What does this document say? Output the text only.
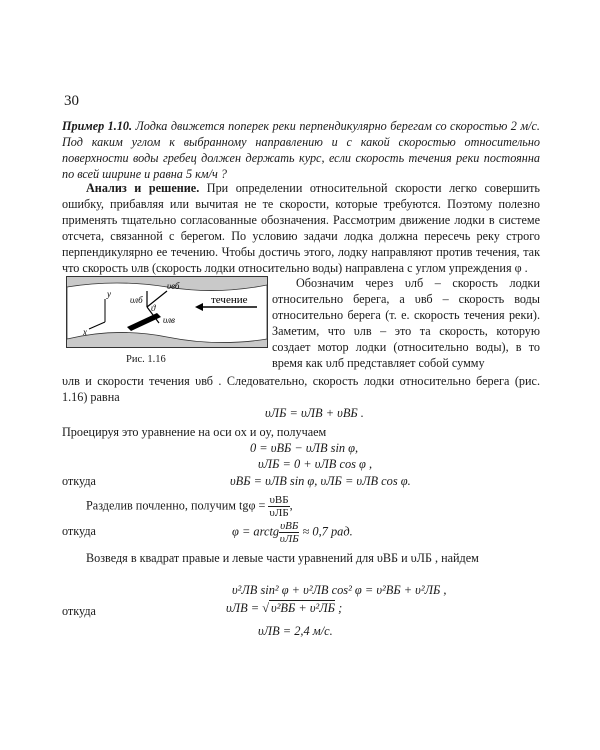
30
Пример 1.10. Лодка движется поперек реки перпендикулярно берегам со скоростью 2 м/с. Под каким углом к выбранному направлению и с какой скоростью относительно поверхности воды гребец должен держать курс, если скорость течения реки постоянна по всей ширине и равна 5 км/ч ?
Анализ и решение. При определении относительной скорости легко совершить ошибку, прибавляя или вычитая не те скорости, которые требуются. Поэтому полезно применять тщательно согласованные обозначения. Рассмотрим движение лодки в системе отсчета, связанной с берегом. По условию задачи лодка должна пересечь реку строго перпендикулярно ее течению. Чтобы достичь этого, лодку направляют против течения, так что скорость υлв (скорость лодки относительно воды) направлена с углом упреждения φ .
y
x
υвб
υлб
υлв
ϑ
течение
Рис. 1.16
Обозначим через υлб – скорость лодки относительно берега, а υвб – скорость воды относительно берега (т. е. скорость течения реки). Заметим, что υлв – это та скорость, которую создает мотор лодки (относительно воды), в то время как υлб представляет собой сумму
υлв и скорости течения υвб . Следовательно, скорость лодки относительно берега (рис. 1.16) равна
υЛБ = υЛВ + υВБ .
Проецируя это уравнение на оси ox и oy, получаем
0 = υВБ − υЛВ sin φ,
υЛБ = 0 + υЛВ cos φ ,
откуда	υВБ = υЛВ sin φ, υЛБ = υЛВ cos φ.
Разделив почленно, получим $tg\varphi = \frac{\text{υВБ}}{\text{υЛБ}}$ ,
откуда	φ = arctg $\frac{\text{υВБ}}{\text{υЛБ}} \approx 0,7$ рад.
Возведя в квадрат правые и левые части уравнений для υВБ и υЛБ , найдем
υ²ЛВ sin² φ + υ²ЛВ cos² φ = υ²ВБ + υ²ЛБ ,
откуда	υЛВ = √ υ²ВБ + υ²ЛБ ;
υЛВ = 2,4 м/с.
